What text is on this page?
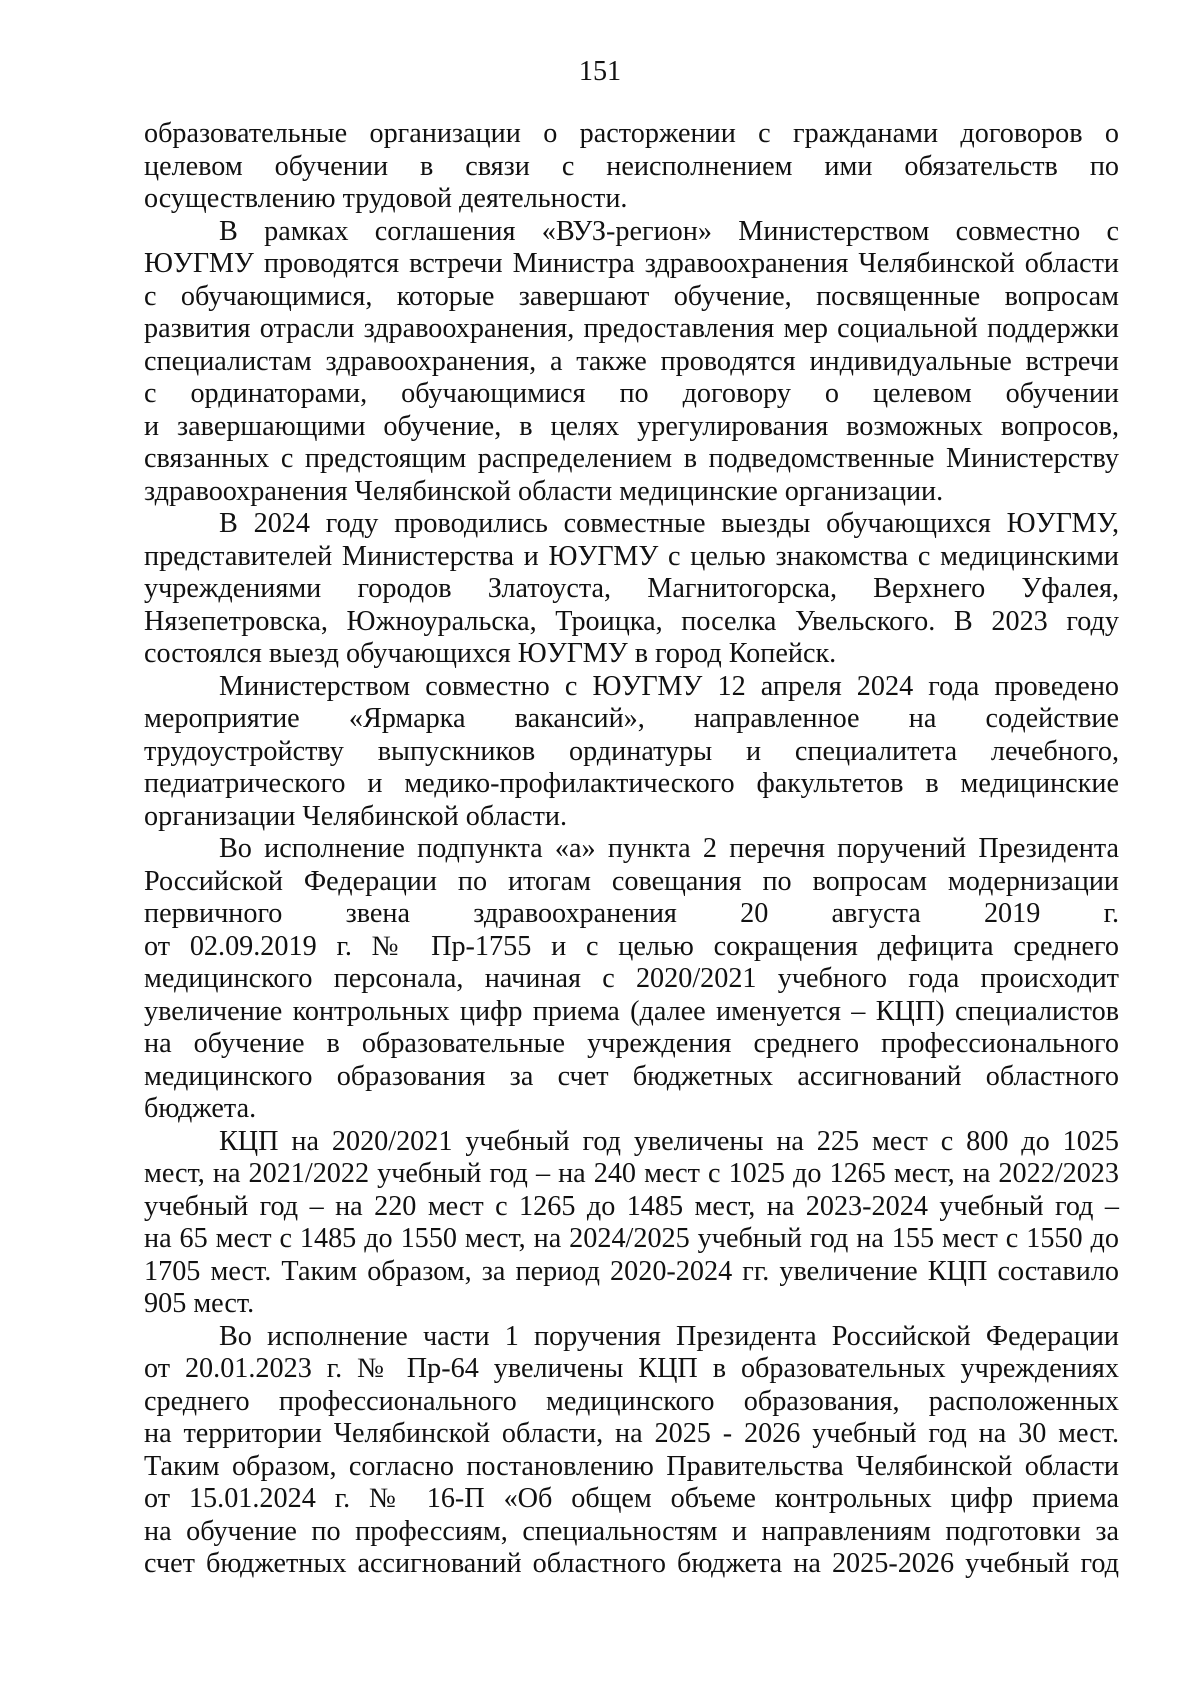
151
образовательные организации о расторжении с гражданами договоров о
целевом обучении в связи с неисполнением ими обязательств по
осуществлению трудовой деятельности.
В рамках соглашения «ВУЗ-регион» Министерством совместно с
ЮУГМУ проводятся встречи Министра здравоохранения Челябинской области
с обучающимися, которые завершают обучение, посвященные вопросам
развития отрасли здравоохранения, предоставления мер социальной поддержки
специалистам здравоохранения, а также проводятся индивидуальные встречи
с ординаторами, обучающимися по договору о целевом обучении
и завершающими обучение, в целях урегулирования возможных вопросов,
связанных с предстоящим распределением в подведомственные Министерству
здравоохранения Челябинской области медицинские организации.
В 2024 году проводились совместные выезды обучающихся ЮУГМУ,
представителей Министерства и ЮУГМУ с целью знакомства с медицинскими
учреждениями городов Златоуста, Магнитогорска, Верхнего Уфалея,
Нязепетровска, Южноуральска, Троицка, поселка Увельского. В 2023 году
состоялся выезд обучающихся ЮУГМУ в город Копейск.
Министерством совместно с ЮУГМУ 12 апреля 2024 года проведено
мероприятие «Ярмарка вакансий», направленное на содействие
трудоустройству выпускников ординатуры и специалитета лечебного,
педиатрического и медико-профилактического факультетов в медицинские
организации Челябинской области.
Во исполнение подпункта «а» пункта 2 перечня поручений Президента
Российской Федерации по итогам совещания по вопросам модернизации
первичного звена здравоохранения 20 августа 2019 г.
от 02.09.2019 г. № Пр-1755 и с целью сокращения дефицита среднего
медицинского персонала, начиная с 2020/2021 учебного года происходит
увеличение контрольных цифр приема (далее именуется – КЦП) специалистов
на обучение в образовательные учреждения среднего профессионального
медицинского образования за счет бюджетных ассигнований областного
бюджета.
КЦП на 2020/2021 учебный год увеличены на 225 мест с 800 до 1025
мест, на 2021/2022 учебный год – на 240 мест с 1025 до 1265 мест, на 2022/2023
учебный год – на 220 мест с 1265 до 1485 мест, на 2023-2024 учебный год –
на 65 мест с 1485 до 1550 мест, на 2024/2025 учебный год на 155 мест с 1550 до
1705 мест. Таким образом, за период 2020-2024 гг. увеличение КЦП составило
905 мест.
Во исполнение части 1 поручения Президента Российской Федерации
от 20.01.2023 г. № Пр-64 увеличены КЦП в образовательных учреждениях
среднего профессионального медицинского образования, расположенных
на территории Челябинской области, на 2025 - 2026 учебный год на 30 мест.
Таким образом, согласно постановлению Правительства Челябинской области
от 15.01.2024 г. № 16-П «Об общем объеме контрольных цифр приема
на обучение по профессиям, специальностям и направлениям подготовки за
счет бюджетных ассигнований областного бюджета на 2025-2026 учебный год
